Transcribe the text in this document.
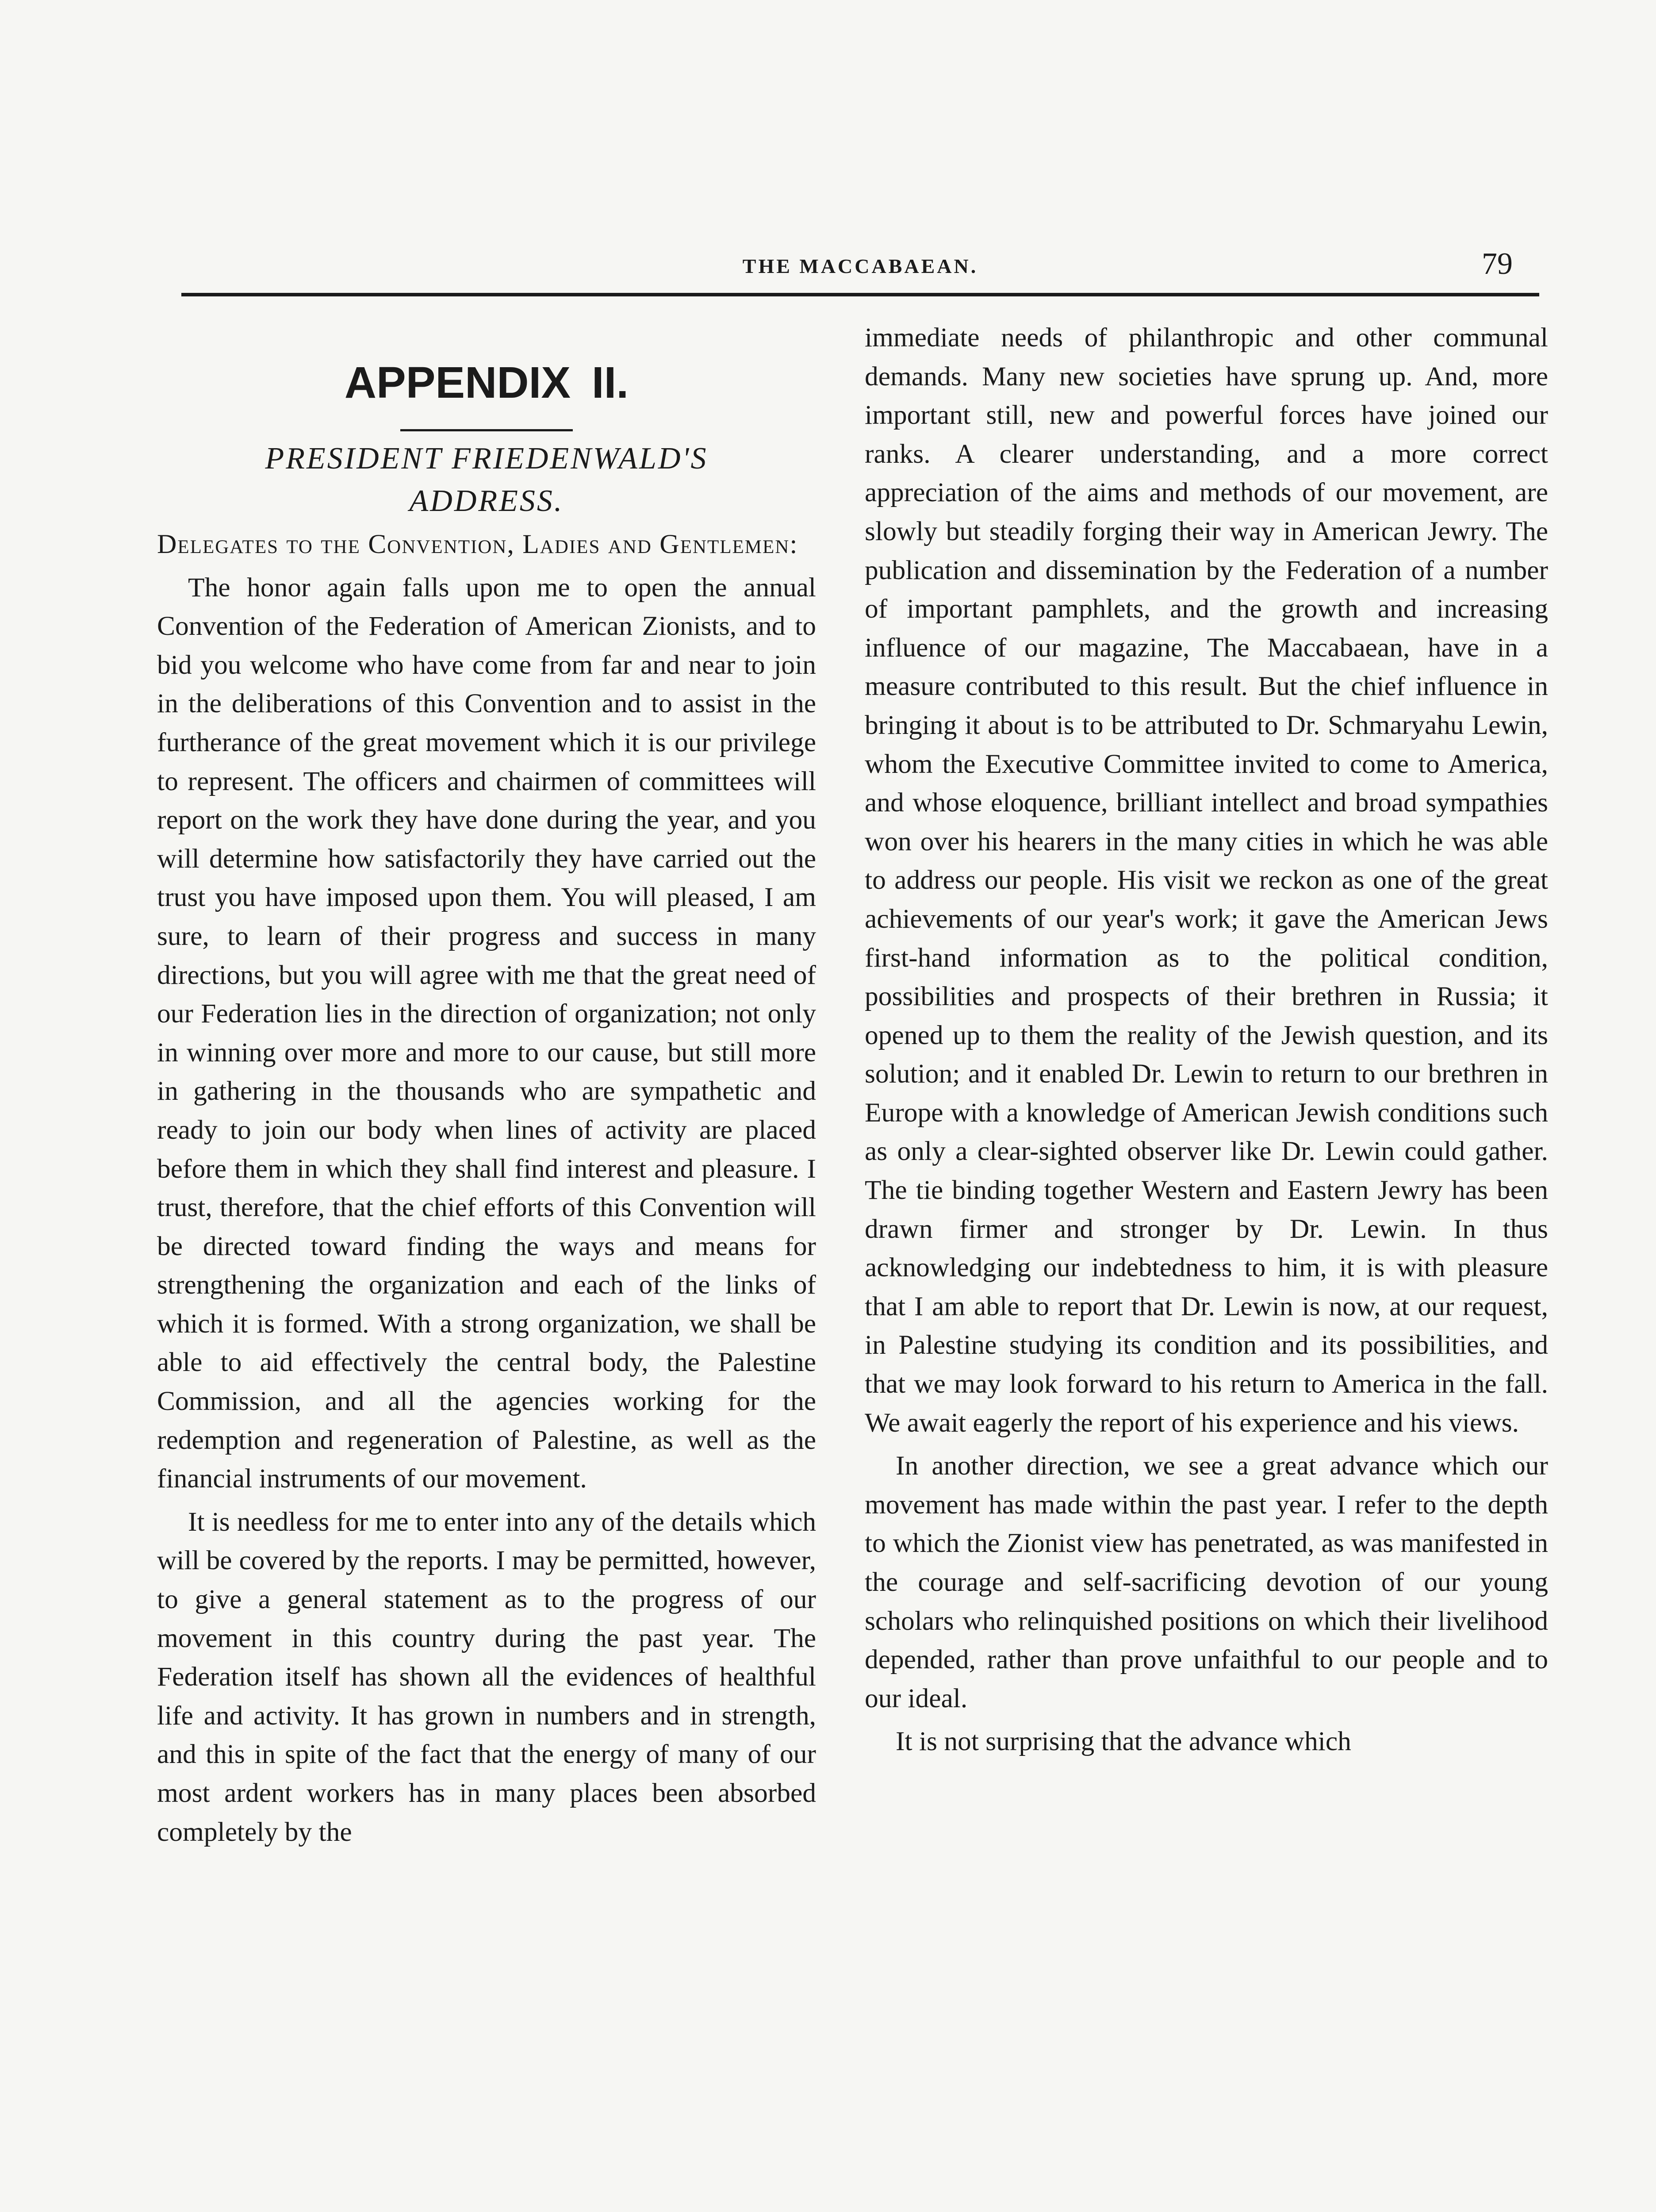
THE MACCABAEAN.	79
APPENDIX II.
PRESIDENT FRIEDENWALD'S
ADDRESS.

Delegates to the Convention, Ladies and Gentlemen:

The honor again falls upon me to open the annual Convention of the Federation of American Zionists, and to bid you welcome who have come from far and near to join in the deliberations of this Convention and to assist in the furtherance of the great movement which it is our privilege to represent. The officers and chairmen of committees will report on the work they have done during the year, and you will determine how satisfactorily they have carried out the trust you have imposed upon them. You will pleased, I am sure, to learn of their progress and success in many directions, but you will agree with me that the great need of our Federation lies in the direction of organization; not only in winning over more and more to our cause, but still more in gathering in the thousands who are sympathetic and ready to join our body when lines of activity are placed before them in which they shall find interest and pleasure. I trust, therefore, that the chief efforts of this Convention will be directed toward finding the ways and means for strengthening the organization and each of the links of which it is formed. With a strong organization, we shall be able to aid effectively the central body, the Palestine Commission, and all the agencies working for the redemption and regeneration of Palestine, as well as the financial instruments of our movement.

It is needless for me to enter into any of the details which will be covered by the reports. I may be permitted, however, to give a general statement as to the progress of our movement in this country during the past year. The Federation itself has shown all the evidences of healthful life and activity. It has grown in numbers and in strength, and this in spite of the fact that the energy of many of our most ardent workers has in many places been absorbed completely by the

immediate needs of philanthropic and other communal demands. Many new societies have sprung up. And, more important still, new and powerful forces have joined our ranks. A clearer understanding, and a more correct appreciation of the aims and methods of our movement, are slowly but steadily forging their way in American Jewry. The publication and dissemination by the Federation of a number of important pamphlets, and the growth and increasing influence of our magazine, The Maccabaean, have in a measure contributed to this result. But the chief influence in bringing it about is to be attributed to Dr. Schmaryahu Lewin, whom the Executive Committee invited to come to America, and whose eloquence, brilliant intellect and broad sympathies won over his hearers in the many cities in which he was able to address our people. His visit we reckon as one of the great achievements of our year's work; it gave the American Jews first-hand information as to the political condition, possibilities and prospects of their brethren in Russia; it opened up to them the reality of the Jewish question, and its solution; and it enabled Dr. Lewin to return to our brethren in Europe with a knowledge of American Jewish conditions such as only a clear-sighted observer like Dr. Lewin could gather. The tie binding together Western and Eastern Jewry has been drawn firmer and stronger by Dr. Lewin. In thus acknowledging our indebtedness to him, it is with pleasure that I am able to report that Dr. Lewin is now, at our request, in Palestine studying its condition and its possibilities, and that we may look forward to his return to America in the fall. We await eagerly the report of his experience and his views.

In another direction, we see a great advance which our movement has made within the past year. I refer to the depth to which the Zionist view has penetrated, as was manifested in the courage and self-sacrificing devotion of our young scholars who relinquished positions on which their livelihood depended, rather than prove unfaithful to our people and to our ideal.

It is not surprising that the advance which
